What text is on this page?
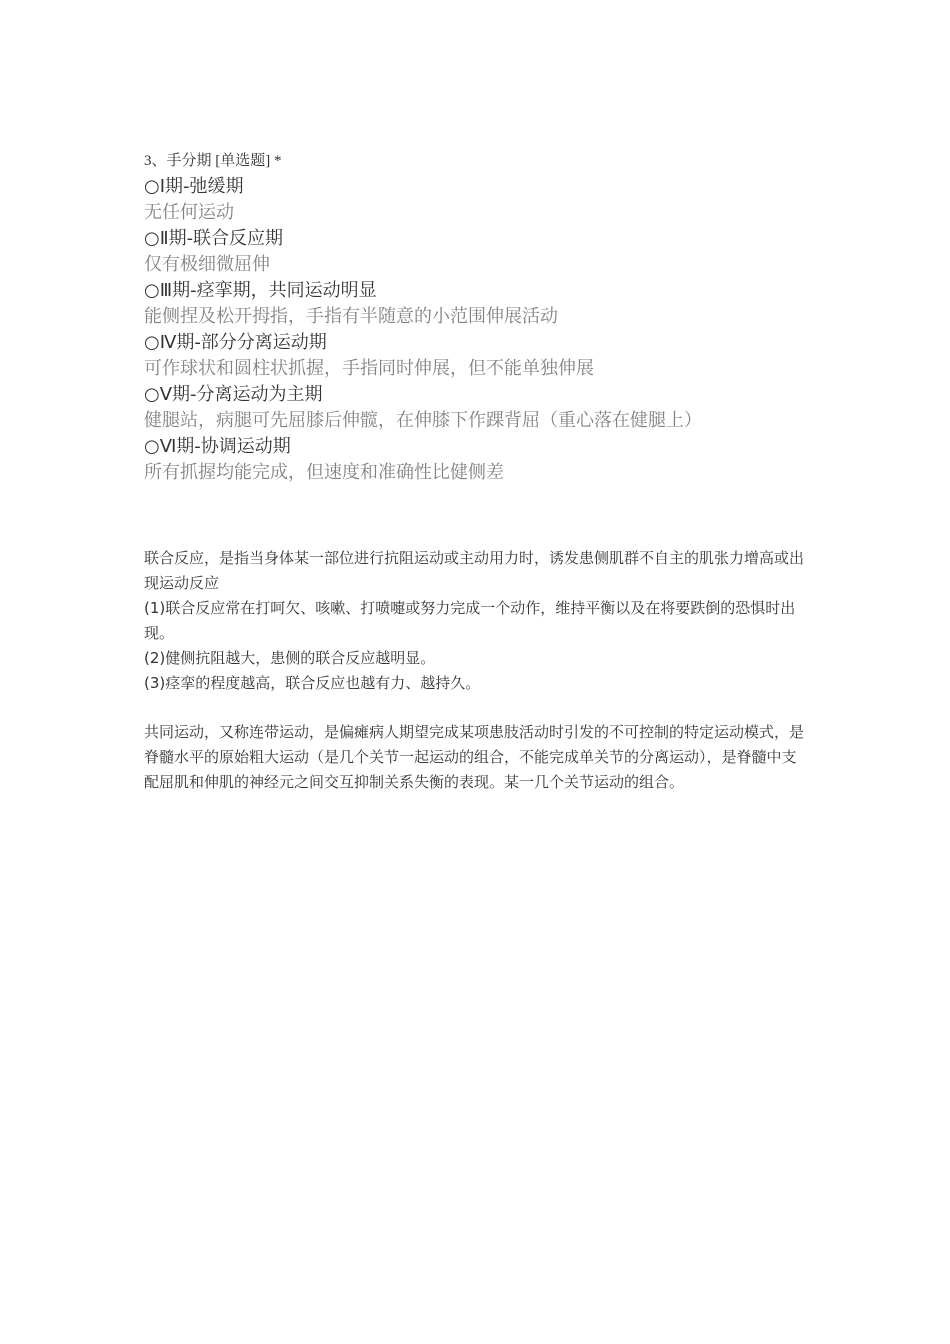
3、手分期 [单选题] *
○Ⅰ期-弛缓期
无任何运动
○Ⅱ期-联合反应期
仅有极细微屈伸
○Ⅲ期-痉挛期，共同运动明显
能侧捏及松开拇指，手指有半随意的小范围伸展活动
○Ⅳ期-部分分离运动期
可作球状和圆柱状抓握，手指同时伸展，但不能单独伸展
○Ⅴ期-分离运动为主期
健腿站，病腿可先屈膝后伸髋，在伸膝下作踝背屈（重心落在健腿上）
○Ⅵ期-协调运动期
所有抓握均能完成，但速度和准确性比健侧差

联合反应，是指当身体某一部位进行抗阻运动或主动用力时，诱发患侧肌群不自主的肌张力增高或出现运动反应

(1)联合反应常在打呵欠、咳嗽、打喷嚏或努力完成一个动作，维持平衡以及在将要跌倒的恐惧时出现。

(2)健侧抗阻越大，患侧的联合反应越明显。

(3)痉挛的程度越高，联合反应也越有力、越持久。

共同运动，又称连带运动，是偏瘫病人期望完成某项患肢活动时引发的不可控制的特定运动模式，是脊髓水平的原始粗大运动（是几个关节一起运动的组合，不能完成单关节的分离运动），是脊髓中支配屈肌和伸肌的神经元之间交互抑制关系失衡的表现。某一几个关节运动的组合。
